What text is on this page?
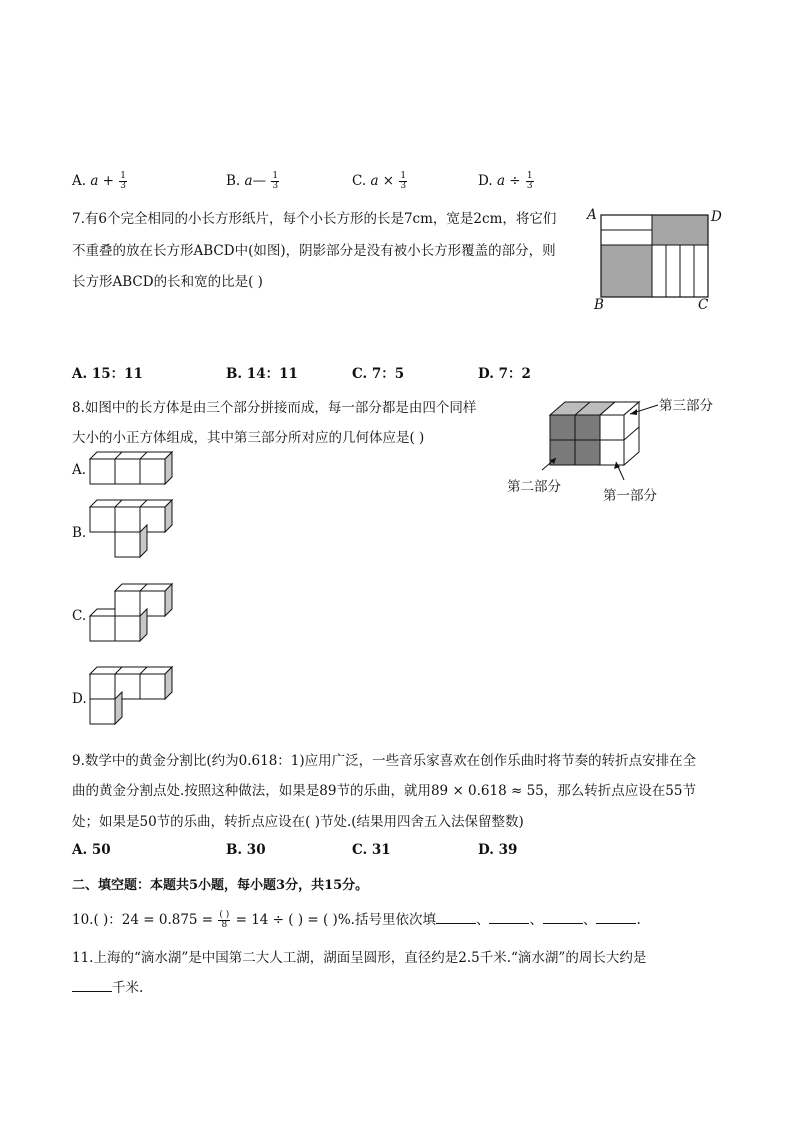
A. $a + \frac{1}{3}$	B. a— $\frac{1}{3}$	C. $a \times \frac{1}{3}$	D. $a \div \frac{1}{3}$
7.有6个完全相同的小长方形纸片，每个小长方形的长是7cm，宽是2cm，将它们
不重叠的放在长方形ABCD中(如图)，阴影部分是没有被小长方形覆盖的部分，则
长方形ABCD的长和宽的比是( )
A	D
B	C
A. 15：11	B. 14：11	C. 7：5	D. 7：2
8.如图中的长方体是由三个部分拼接而成，每一部分都是由四个同样
大小的小正方体组成，其中第三部分所对应的几何体应是( )
第三部分
第二部分
第一部分
A.
B.
C.
D.
9.数学中的黄金分割比(约为0.618：1)应用广泛，一些音乐家喜欢在创作乐曲时将节奏的转折点安排在全
曲的黄金分割点处.按照这种做法，如果是89节的乐曲，就用89 × 0.618 ≈ 55，那么转折点应设在55节
处；如果是50节的乐曲，转折点应设在( )节处.(结果用四舍五入法保留整数)
A. 50	B. 30	C. 31	D. 39
二、填空题：本题共5小题，每小题3分，共15分。
10.( )：$24 = 0.875 = \frac{( )}{8} = 14$ ÷ ( ) = ( )%.括号里依次填	、	、	、	.
11.上海的“滴水湖”是中国第二大人工湖，湖面呈圆形，直径约是2.5千米.“滴水湖”的周长大约是
千米.
